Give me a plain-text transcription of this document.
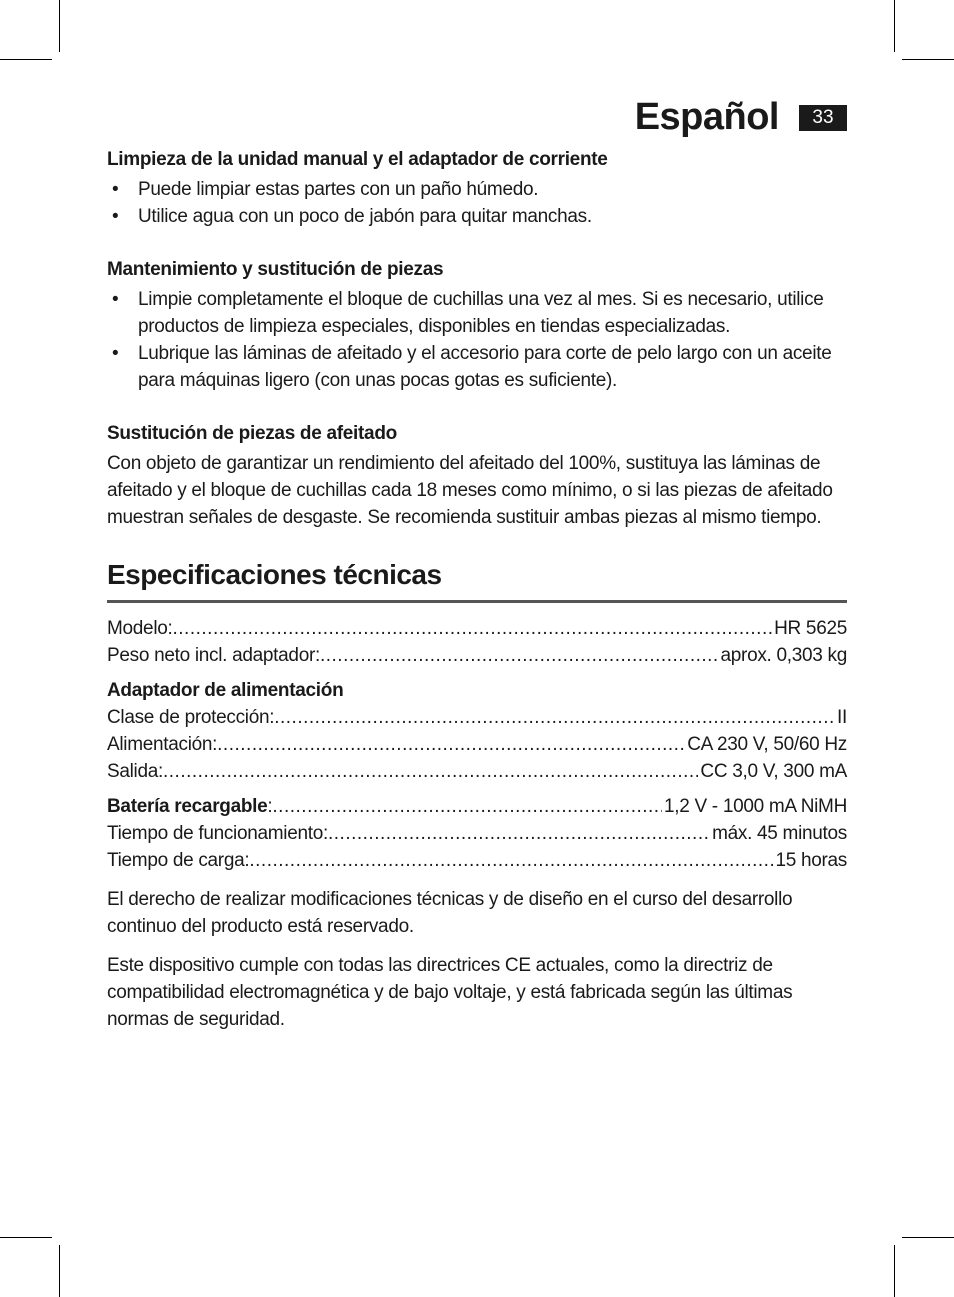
Español	33

Limpieza de la unidad manual y el adaptador de corriente

• Puede limpiar estas partes con un paño húmedo.
• Utilice agua con un poco de jabón para quitar manchas.

Mantenimiento y sustitución de piezas

• Limpie completamente el bloque de cuchillas una vez al mes. Si es necesario, utilice productos de limpieza especiales, disponibles en tiendas especializadas.
• Lubrique las láminas de afeitado y el accesorio para corte de pelo largo con un aceite para máquinas ligero (con unas pocas gotas es suficiente).

Sustitución de piezas de afeitado

Con objeto de garantizar un rendimiento del afeitado del 100%, sustituya las láminas de afeitado y el bloque de cuchillas cada 18 meses como mínimo, o si las piezas de afeitado muestran señales de desgaste. Se recomienda sustituir ambas piezas al mismo tiempo.

Especificaciones técnicas
Modelo: .....	HR 5625
Peso neto incl. adaptador: .....	aprox. 0,303 kg

Adaptador de alimentación

Clase de protección: .....	II
Alimentación: .....	CA 230 V, 50/60 Hz
Salida: .....	CC 3,0 V, 300 mA
Batería recargable : .....	1,2 V - 1000 mA NiMH
Tiempo de funcionamiento: .....	máx. 45 minutos
Tiempo de carga: .....	15 horas

El derecho de realizar modificaciones técnicas y de diseño en el curso del desarrollo continuo del producto está reservado.

Este dispositivo cumple con todas las directrices CE actuales, como la directriz de compatibilidad electromagnética y de bajo voltaje, y está fabricada según las últimas normas de seguridad.
